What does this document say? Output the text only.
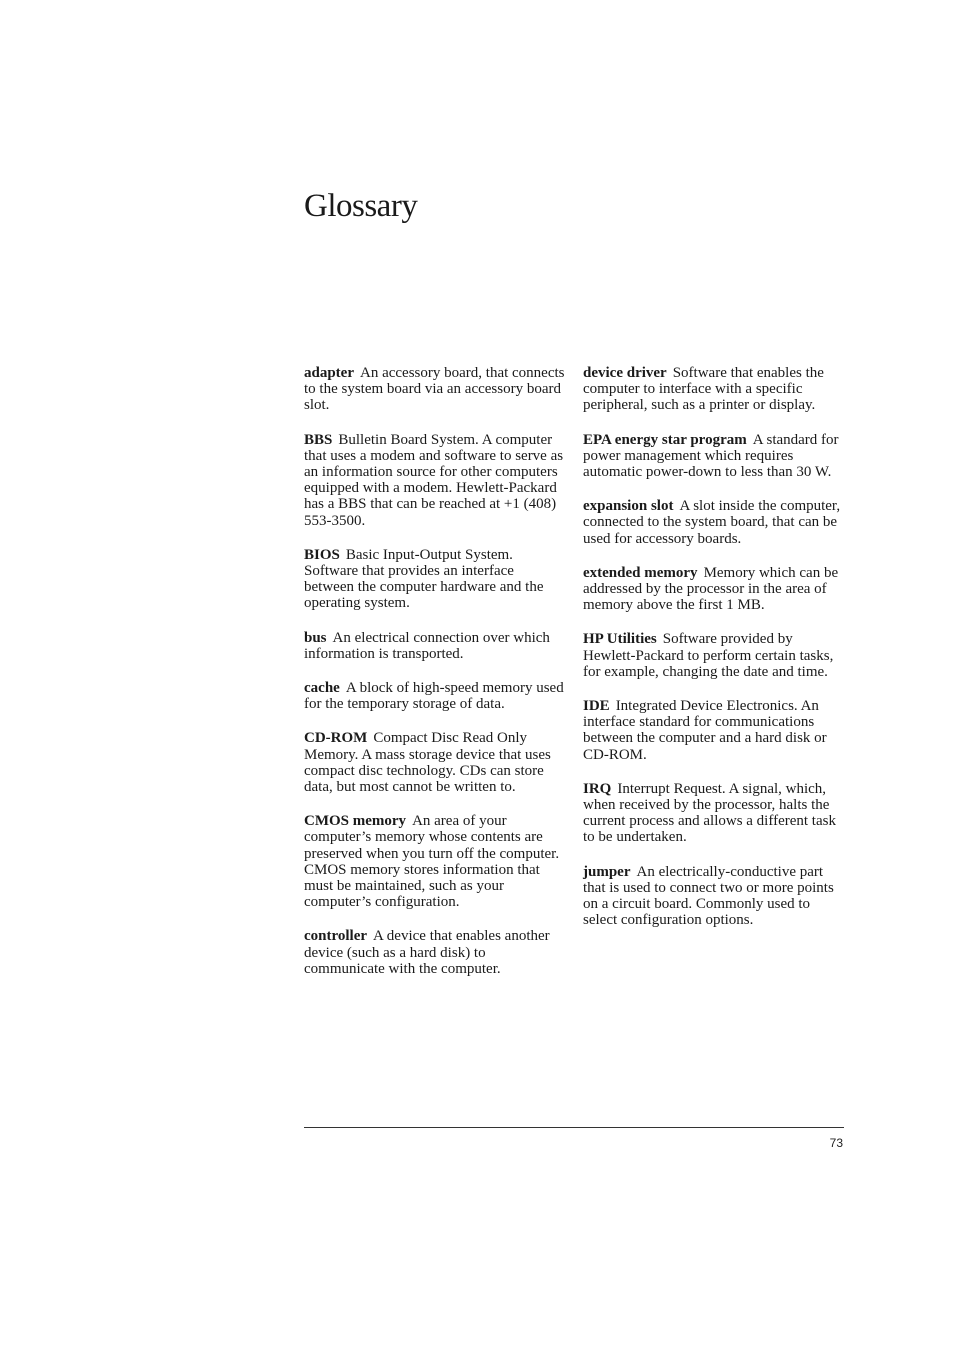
Glossary

adapter An accessory board, that connects to the system board via an accessory board slot.

BBS Bulletin Board System. A computer that uses a modem and software to serve as an information source for other computers equipped with a modem. Hewlett-Packard has a BBS that can be reached at +1 (408) 553-3500.

BIOS Basic Input-Output System. Software that provides an interface between the computer hardware and the operating system.

bus An electrical connection over which information is transported.

cache A block of high-speed memory used for the temporary storage of data.

CD-ROM Compact Disc Read Only Memory. A mass storage device that uses compact disc technology. CDs can store data, but most cannot be written to.

CMOS memory An area of your computer’s memory whose contents are preserved when you turn off the computer. CMOS memory stores information that must be maintained, such as your computer’s configuration.

controller A device that enables another device (such as a hard disk) to communicate with the computer.

device driver Software that enables the computer to interface with a specific peripheral, such as a printer or display.

EPA energy star program A standard for power management which requires automatic power-down to less than 30 W.

expansion slot A slot inside the computer, connected to the system board, that can be used for accessory boards.

extended memory Memory which can be addressed by the processor in the area of memory above the first 1 MB.

HP Utilities Software provided by Hewlett-Packard to perform certain tasks, for example, changing the date and time.

IDE Integrated Device Electronics. An interface standard for communications between the computer and a hard disk or CD-ROM.

IRQ Interrupt Request. A signal, which, when received by the processor, halts the current process and allows a different task to be undertaken.

jumper An electrically-conductive part that is used to connect two or more points on a circuit board. Commonly used to select configuration options.

73
